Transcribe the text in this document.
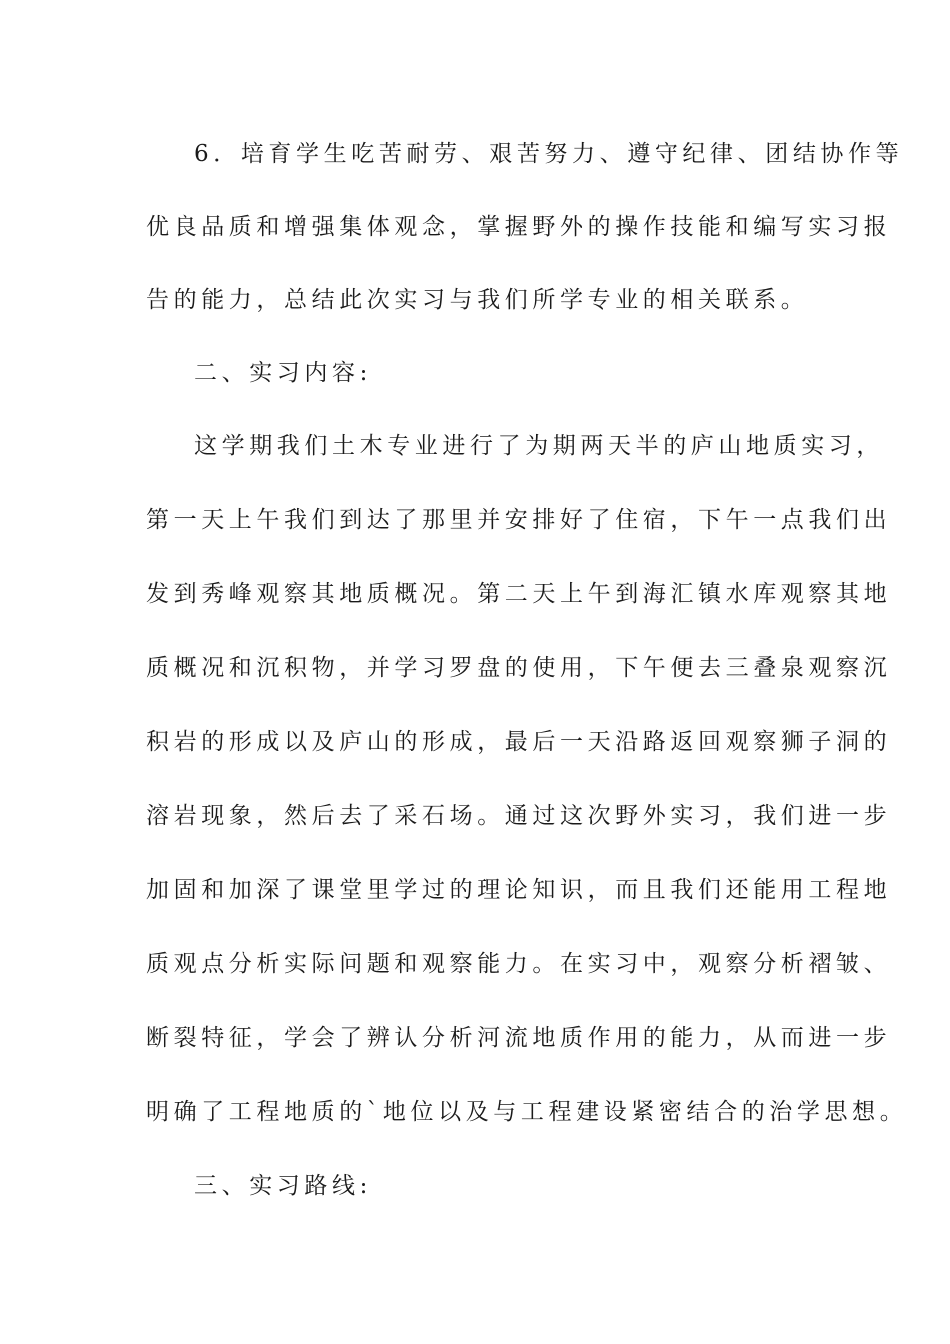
6．培育学生吃苦耐劳、艰苦努力、遵守纪律、团结协作等
优良品质和增强集体观念，掌握野外的操作技能和编写实习报
告的能力，总结此次实习与我们所学专业的相关联系。
二、实习内容:
这学期我们土木专业进行了为期两天半的庐山地质实习，
第一天上午我们到达了那里并安排好了住宿，下午一点我们出
发到秀峰观察其地质概况。第二天上午到海汇镇水库观察其地
质概况和沉积物，并学习罗盘的使用，下午便去三叠泉观察沉
积岩的形成以及庐山的形成，最后一天沿路返回观察狮子洞的
溶岩现象，然后去了采石场。通过这次野外实习，我们进一步
加固和加深了课堂里学过的理论知识，而且我们还能用工程地
质观点分析实际问题和观察能力。在实习中，观察分析褶皱、
断裂特征，学会了辨认分析河流地质作用的能力，从而进一步
明确了工程地质的`地位以及与工程建设紧密结合的治学思想。
三、实习路线:
